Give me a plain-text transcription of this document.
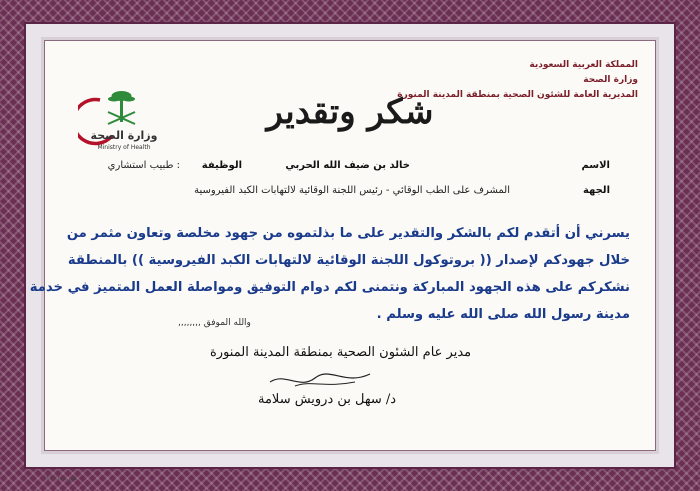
المملكة العربية السعودية
وزارة الصحة
المديرية العامة للشئون الصحية بمنطقة المدينة المنورة
وزارة الصحة
Ministry of Health
شكر وتقدير
الاسم
خالد بن ضيف الله الحربي
الوظيفة
: طبيب استشاري
الجهة
المشرف على الطب الوقائي - رئيس اللجنة الوقائية لالتهابات الكبد الفيروسية
يسرني أن أتقدم لكم بالشكر والتقدير على ما بذلتموه من جهود مخلصة وتعاون مثمر من
خلال جهودكم لإصدار (( بروتوكول اللجنة الوقائية لالتهابات الكبد الفيروسية )) بالمنطقة
نشكركم على هذه الجهود المباركة ونتمنى لكم دوام التوفيق ومواصلة العمل المتميز في خدمة
مدينة رسول الله صلى الله عليه وسلم .
والله الموفق ,,,,,,,,
مدير عام الشئون الصحية بمنطقة المدينة المنورة
د/ سهل بن درويش سلامة
ش.ب/١١٠
